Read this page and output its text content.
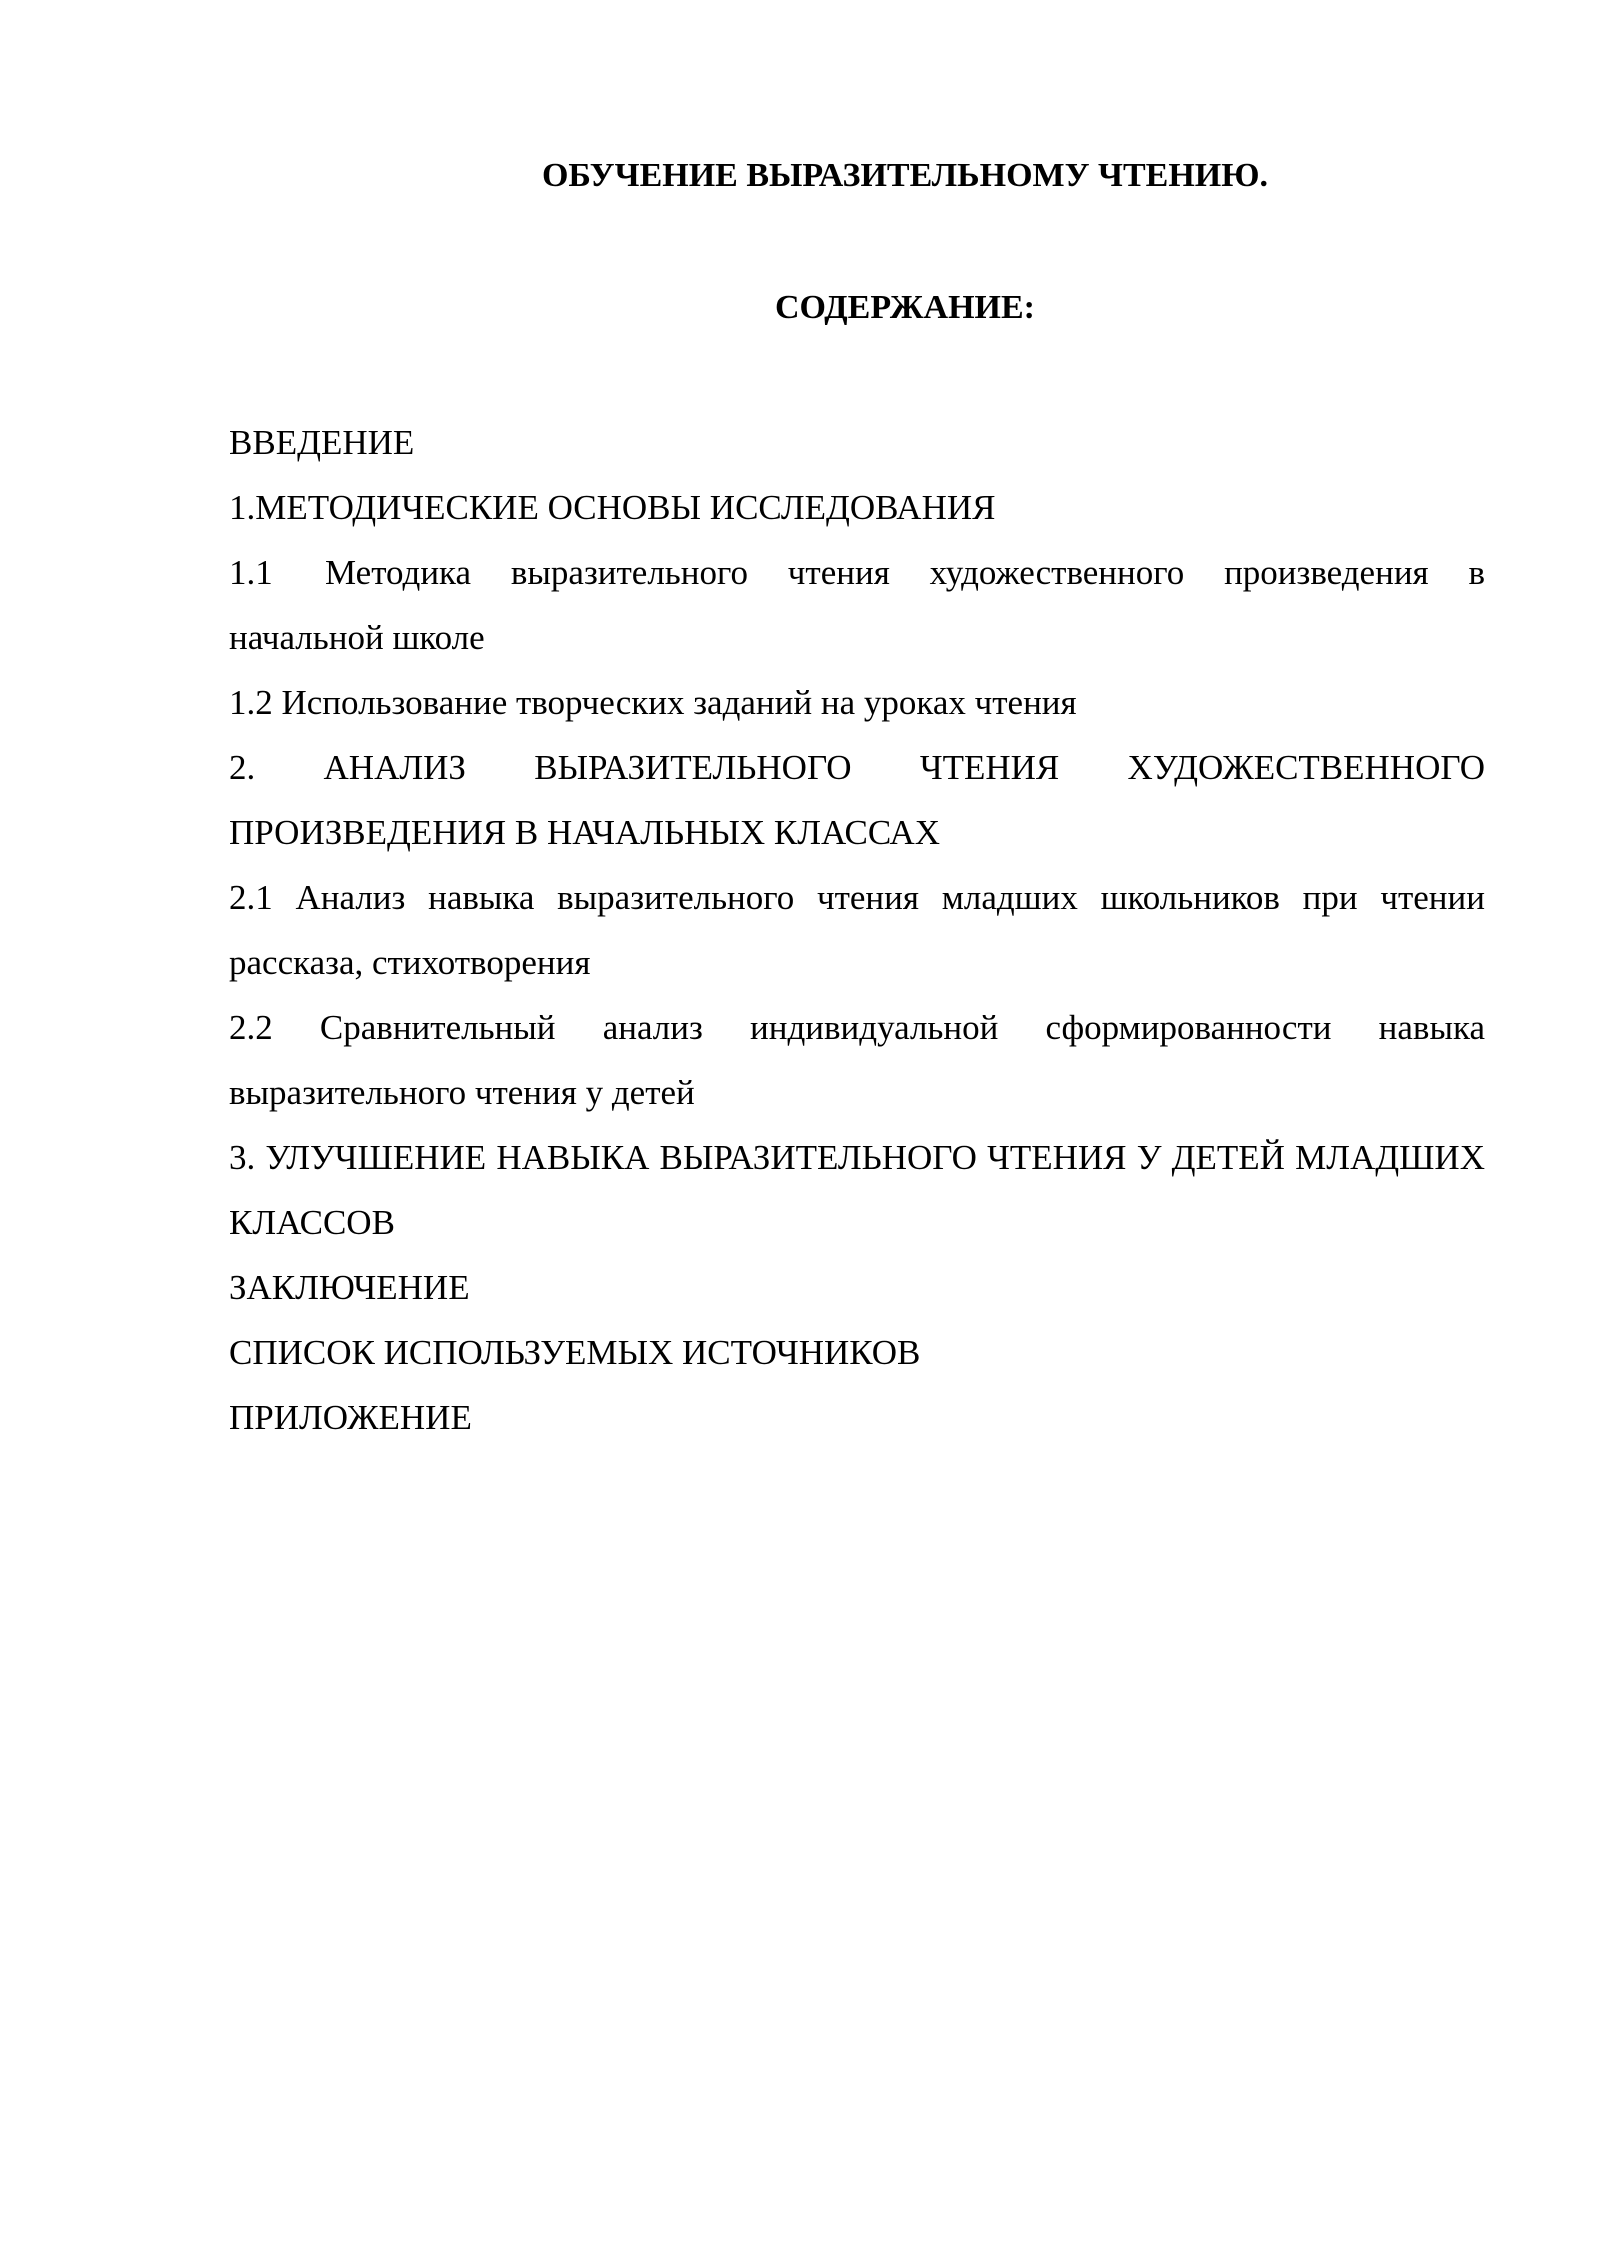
ОБУЧЕНИЕ ВЫРАЗИТЕЛЬНОМУ ЧТЕНИЮ.
СОДЕРЖАНИЕ:
ВВЕДЕНИЕ
1.МЕТОДИЧЕСКИЕ ОСНОВЫ ИССЛЕДОВАНИЯ
1.1 Методика выразительного чтения художественного произведения в начальной школе
1.2 Использование творческих заданий на уроках чтения
2. АНАЛИЗ ВЫРАЗИТЕЛЬНОГО ЧТЕНИЯ ХУДОЖЕСТВЕННОГО ПРОИЗВЕДЕНИЯ В НАЧАЛЬНЫХ КЛАССАХ
2.1 Анализ навыка выразительного чтения младших школьников при чтении рассказа, стихотворения
2.2 Сравнительный анализ индивидуальной сформированности навыка выразительного чтения у детей
3. УЛУЧШЕНИЕ НАВЫКА ВЫРАЗИТЕЛЬНОГО ЧТЕНИЯ У ДЕТЕЙ МЛАДШИХ КЛАССОВ
ЗАКЛЮЧЕНИЕ
СПИСОК ИСПОЛЬЗУЕМЫХ ИСТОЧНИКОВ
ПРИЛОЖЕНИЕ
